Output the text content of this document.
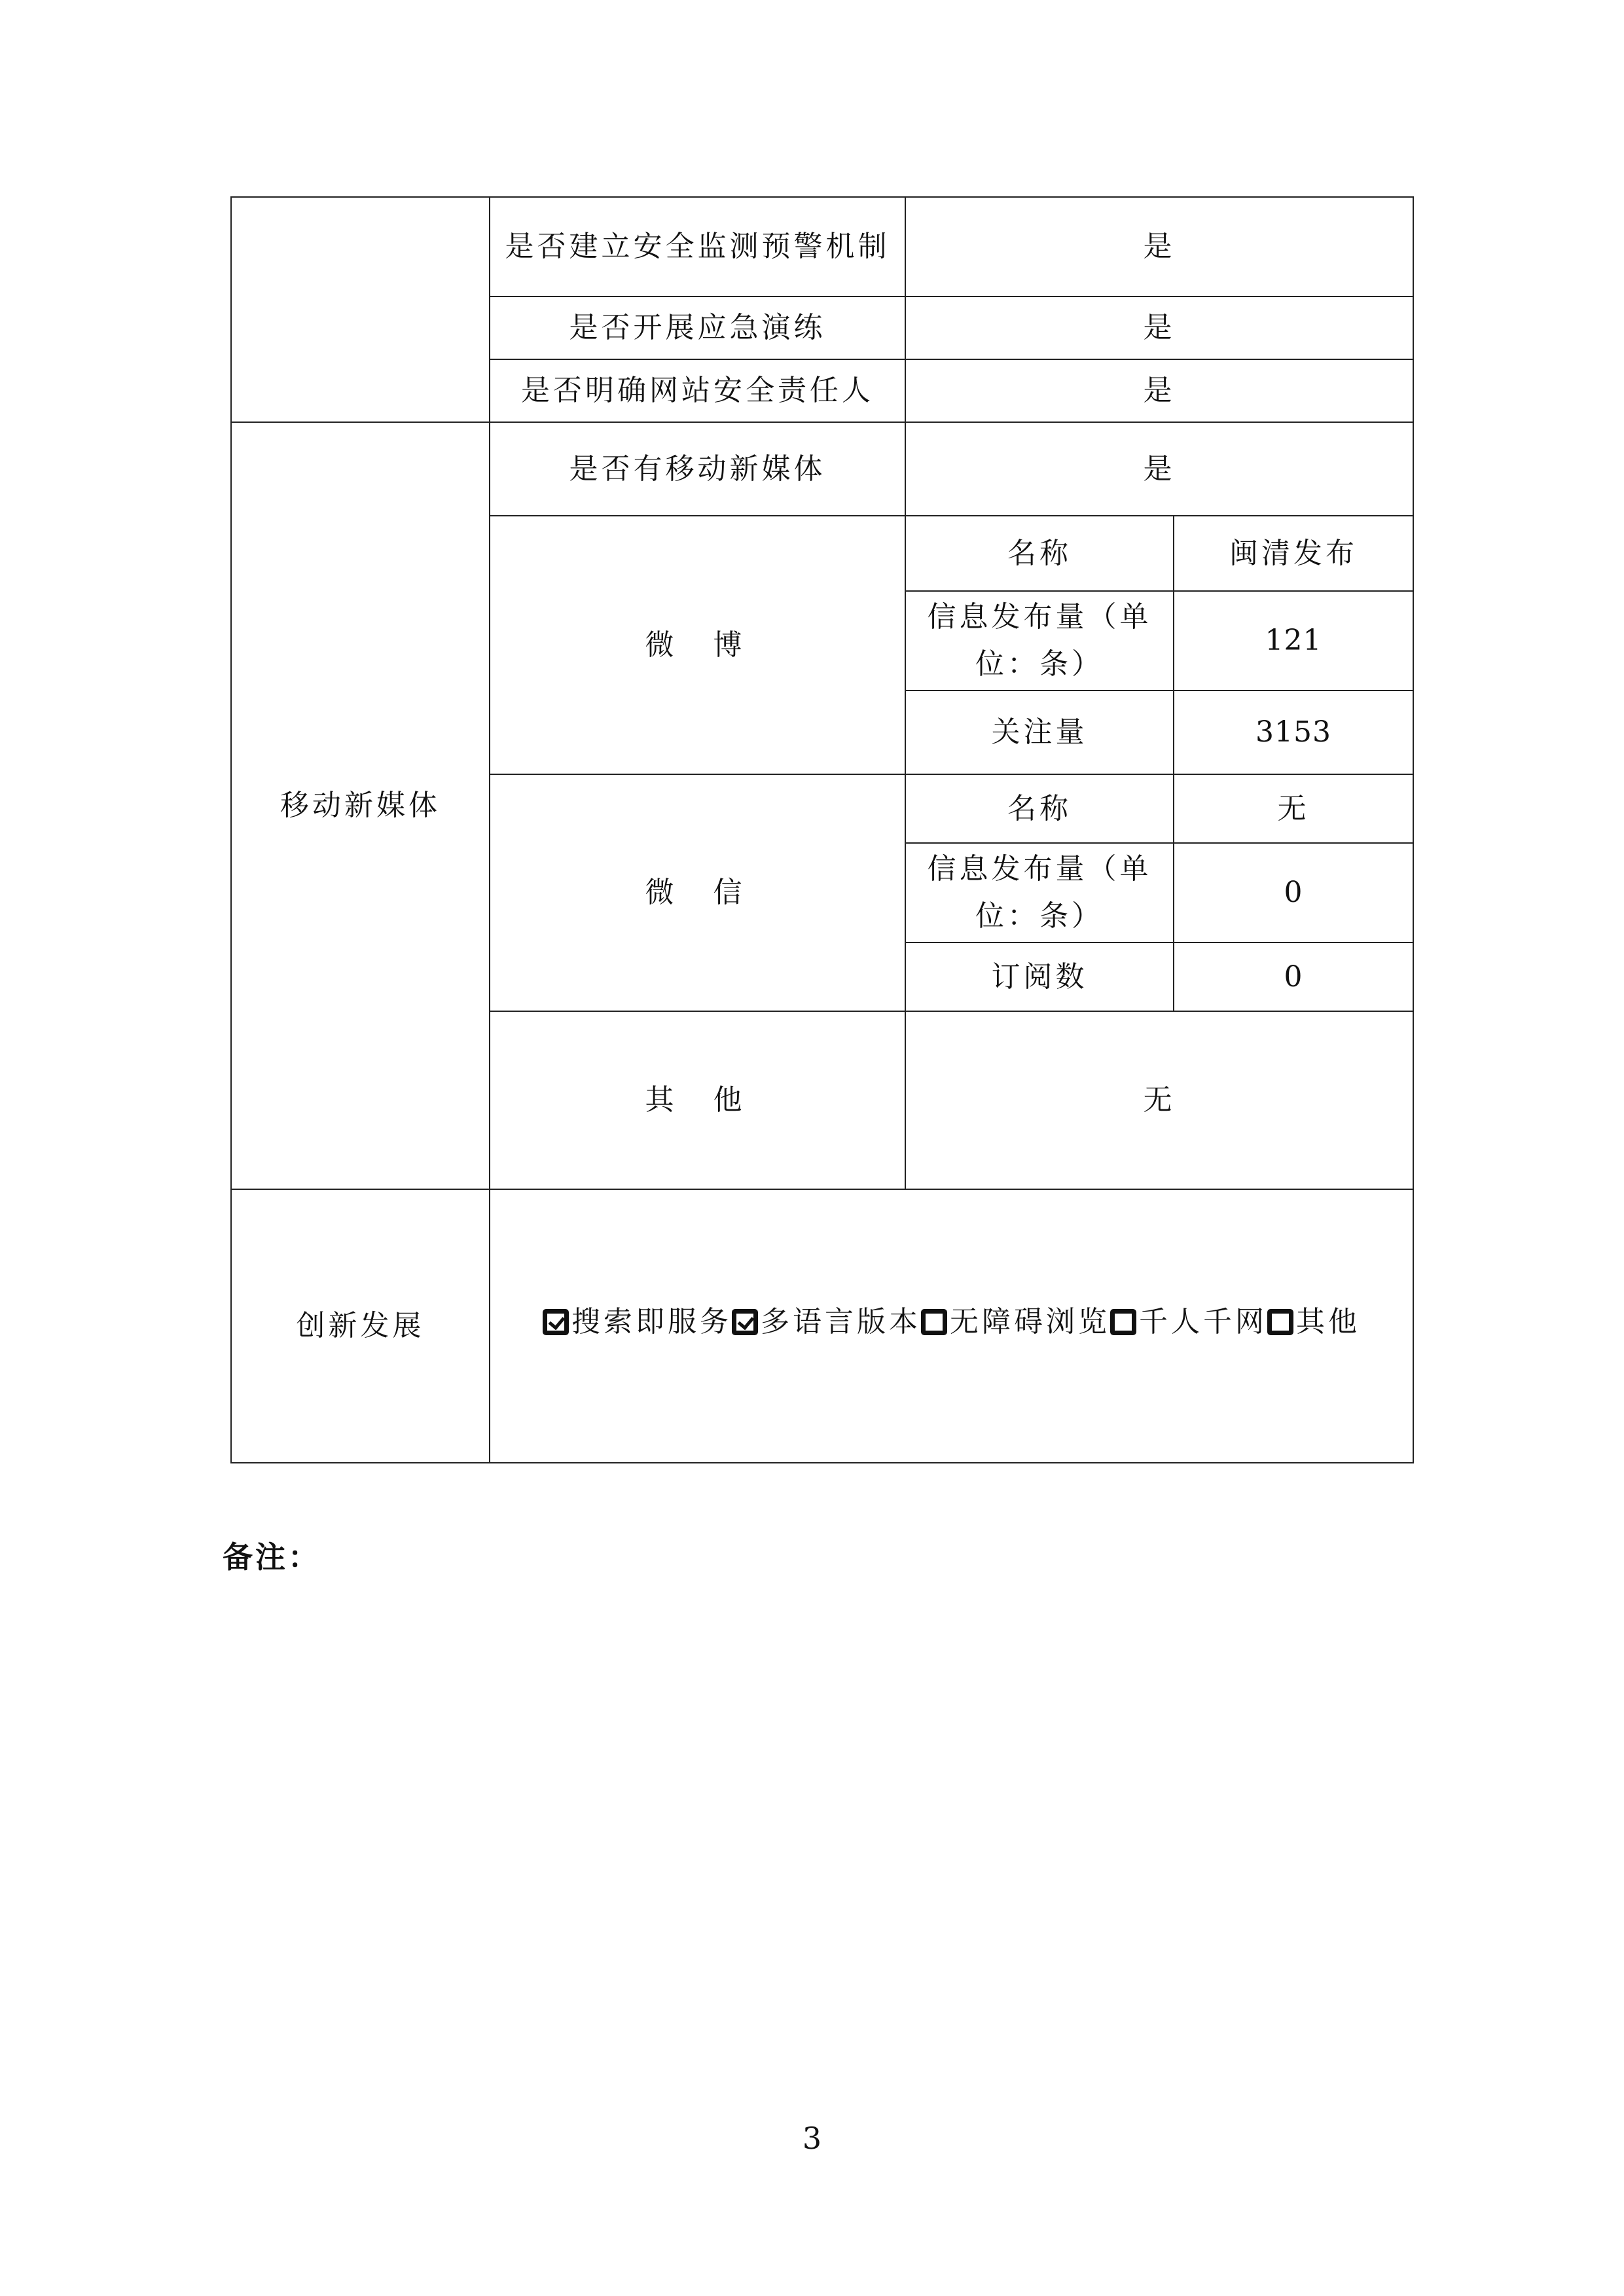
	是否建立安全监测预警机制	是	
	是否开展应急演练	是	
	是否明确网站安全责任人	是	
移动新媒体	是否有移动新媒体	是	
	微博	名称	闽清发布
		信息发布量（单位：条）	121
		关注量	3153
	微信	名称	无
		信息发布量（单位：条）	0
		订阅数	0
	其他	无	
创新发展	搜索即服务 多语言版本 无障碍浏览 千人千网 其他		
备注：
3
